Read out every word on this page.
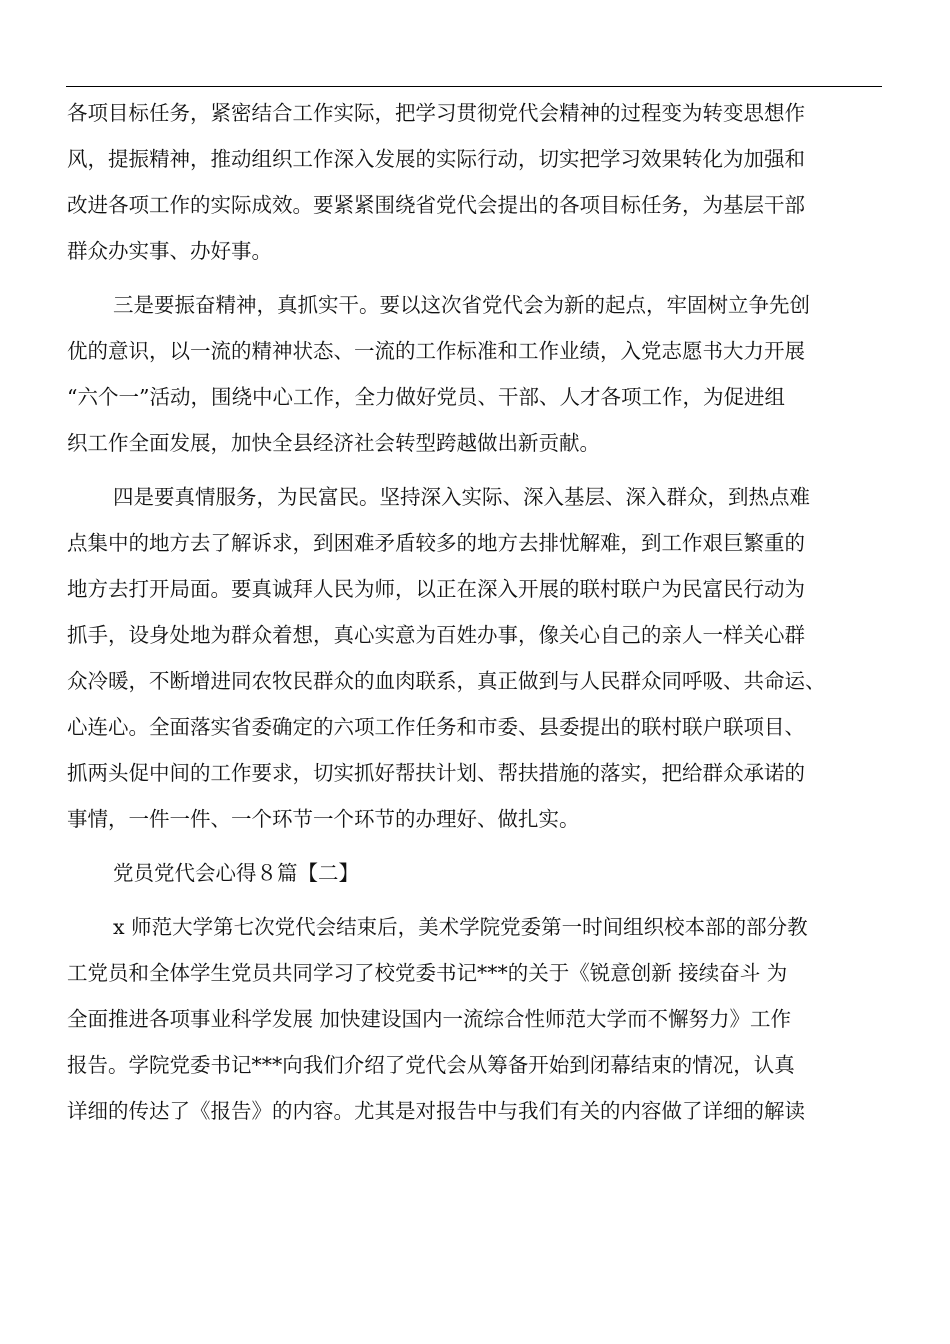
各项目标任务，紧密结合工作实际，把学习贯彻党代会精神的过程变为转变思想作
风，提振精神，推动组织工作深入发展的实际行动，切实把学习效果转化为加强和
改进各项工作的实际成效。要紧紧围绕省党代会提出的各项目标任务，为基层干部
群众办实事、办好事。

三是要振奋精神，真抓实干。要以这次省党代会为新的起点，牢固树立争先创
优的意识，以一流的精神状态、一流的工作标准和工作业绩，入党志愿书大力开展
“六个一”活动，围绕中心工作，全力做好党员、干部、人才各项工作，为促进组
织工作全面发展，加快全县经济社会转型跨越做出新贡献。

四是要真情服务，为民富民。坚持深入实际、深入基层、深入群众，到热点难
点集中的地方去了解诉求，到困难矛盾较多的地方去排忧解难，到工作艰巨繁重的
地方去打开局面。要真诚拜人民为师，以正在深入开展的联村联户为民富民行动为
抓手，设身处地为群众着想，真心实意为百姓办事，像关心自己的亲人一样关心群
众冷暖，不断增进同农牧民群众的血肉联系，真正做到与人民群众同呼吸、共命运、
心连心。全面落实省委确定的六项工作任务和市委、县委提出的联村联户联项目、
抓两头促中间的工作要求，切实抓好帮扶计划、帮扶措施的落实，把给群众承诺的
事情，一件一件、一个环节一个环节的办理好、做扎实。

党员党代会心得８篇【二】

x 师范大学第七次党代会结束后，美术学院党委第一时间组织校本部的部分教
工党员和全体学生党员共同学习了校党委书记***的关于《锐意创新 接续奋斗 为
全面推进各项事业科学发展 加快建设国内一流综合性师范大学而不懈努力》工作
报告。学院党委书记***向我们介绍了党代会从筹备开始到闭幕结束的情况，认真
详细的传达了《报告》的内容。尤其是对报告中与我们有关的内容做了详细的解读
